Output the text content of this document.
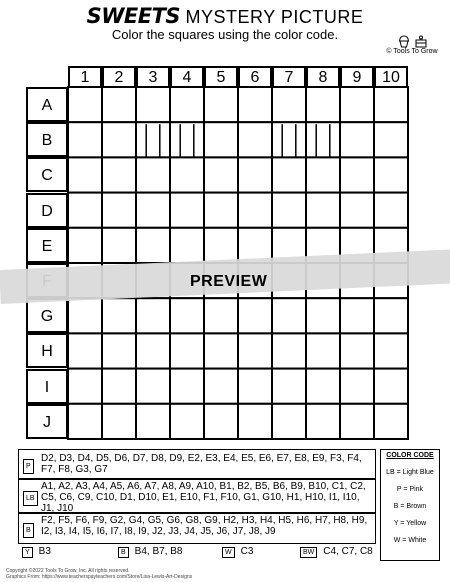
SWEETS MYSTERY PICTURE
Color the squares using the color code.
© Tools To Grow
1	2	3	4	5	6	7	8	9	10
A
B
C
D
E
G
H
I
J
PREVIEW
P
D2, D3, D4, D5, D6, D7, D8, D9, E2, E3, E4, E5, E6, E7, E8, E9, F3, F4, F7, F8, G3, G7
LB
A1, A2, A3, A4, A5, A6, A7, A8, A9, A10, B1, B2, B5, B6, B9, B10, C1, C2, C5, C6, C9, C10, D1, D10, E1, E10, F1, F10, G1, G10, H1, H10, I1, I10, J1, J10
B
F2, F5, F6, F9, G2, G4, G5, G6, G8, G9, H2, H3, H4, H5, H6, H7, H8, H9, I2, I3, I4, I5, I6, I7, I8, I9, J2, J3, J4, J5, J6, J7, J8, J9
Y B3	B B4, B7, B8	W C3	BW C4, C7, C8
COLOR CODE
LB = Light Blue
P = Pink
B = Brown
Y = Yellow
W = White
Copyright ©2022 Tools To Grow, Inc. All rights reserved.
Graphics From: https://www.teacherspayteachers.com/Store/Lisa-Lewis-Art-Designs
